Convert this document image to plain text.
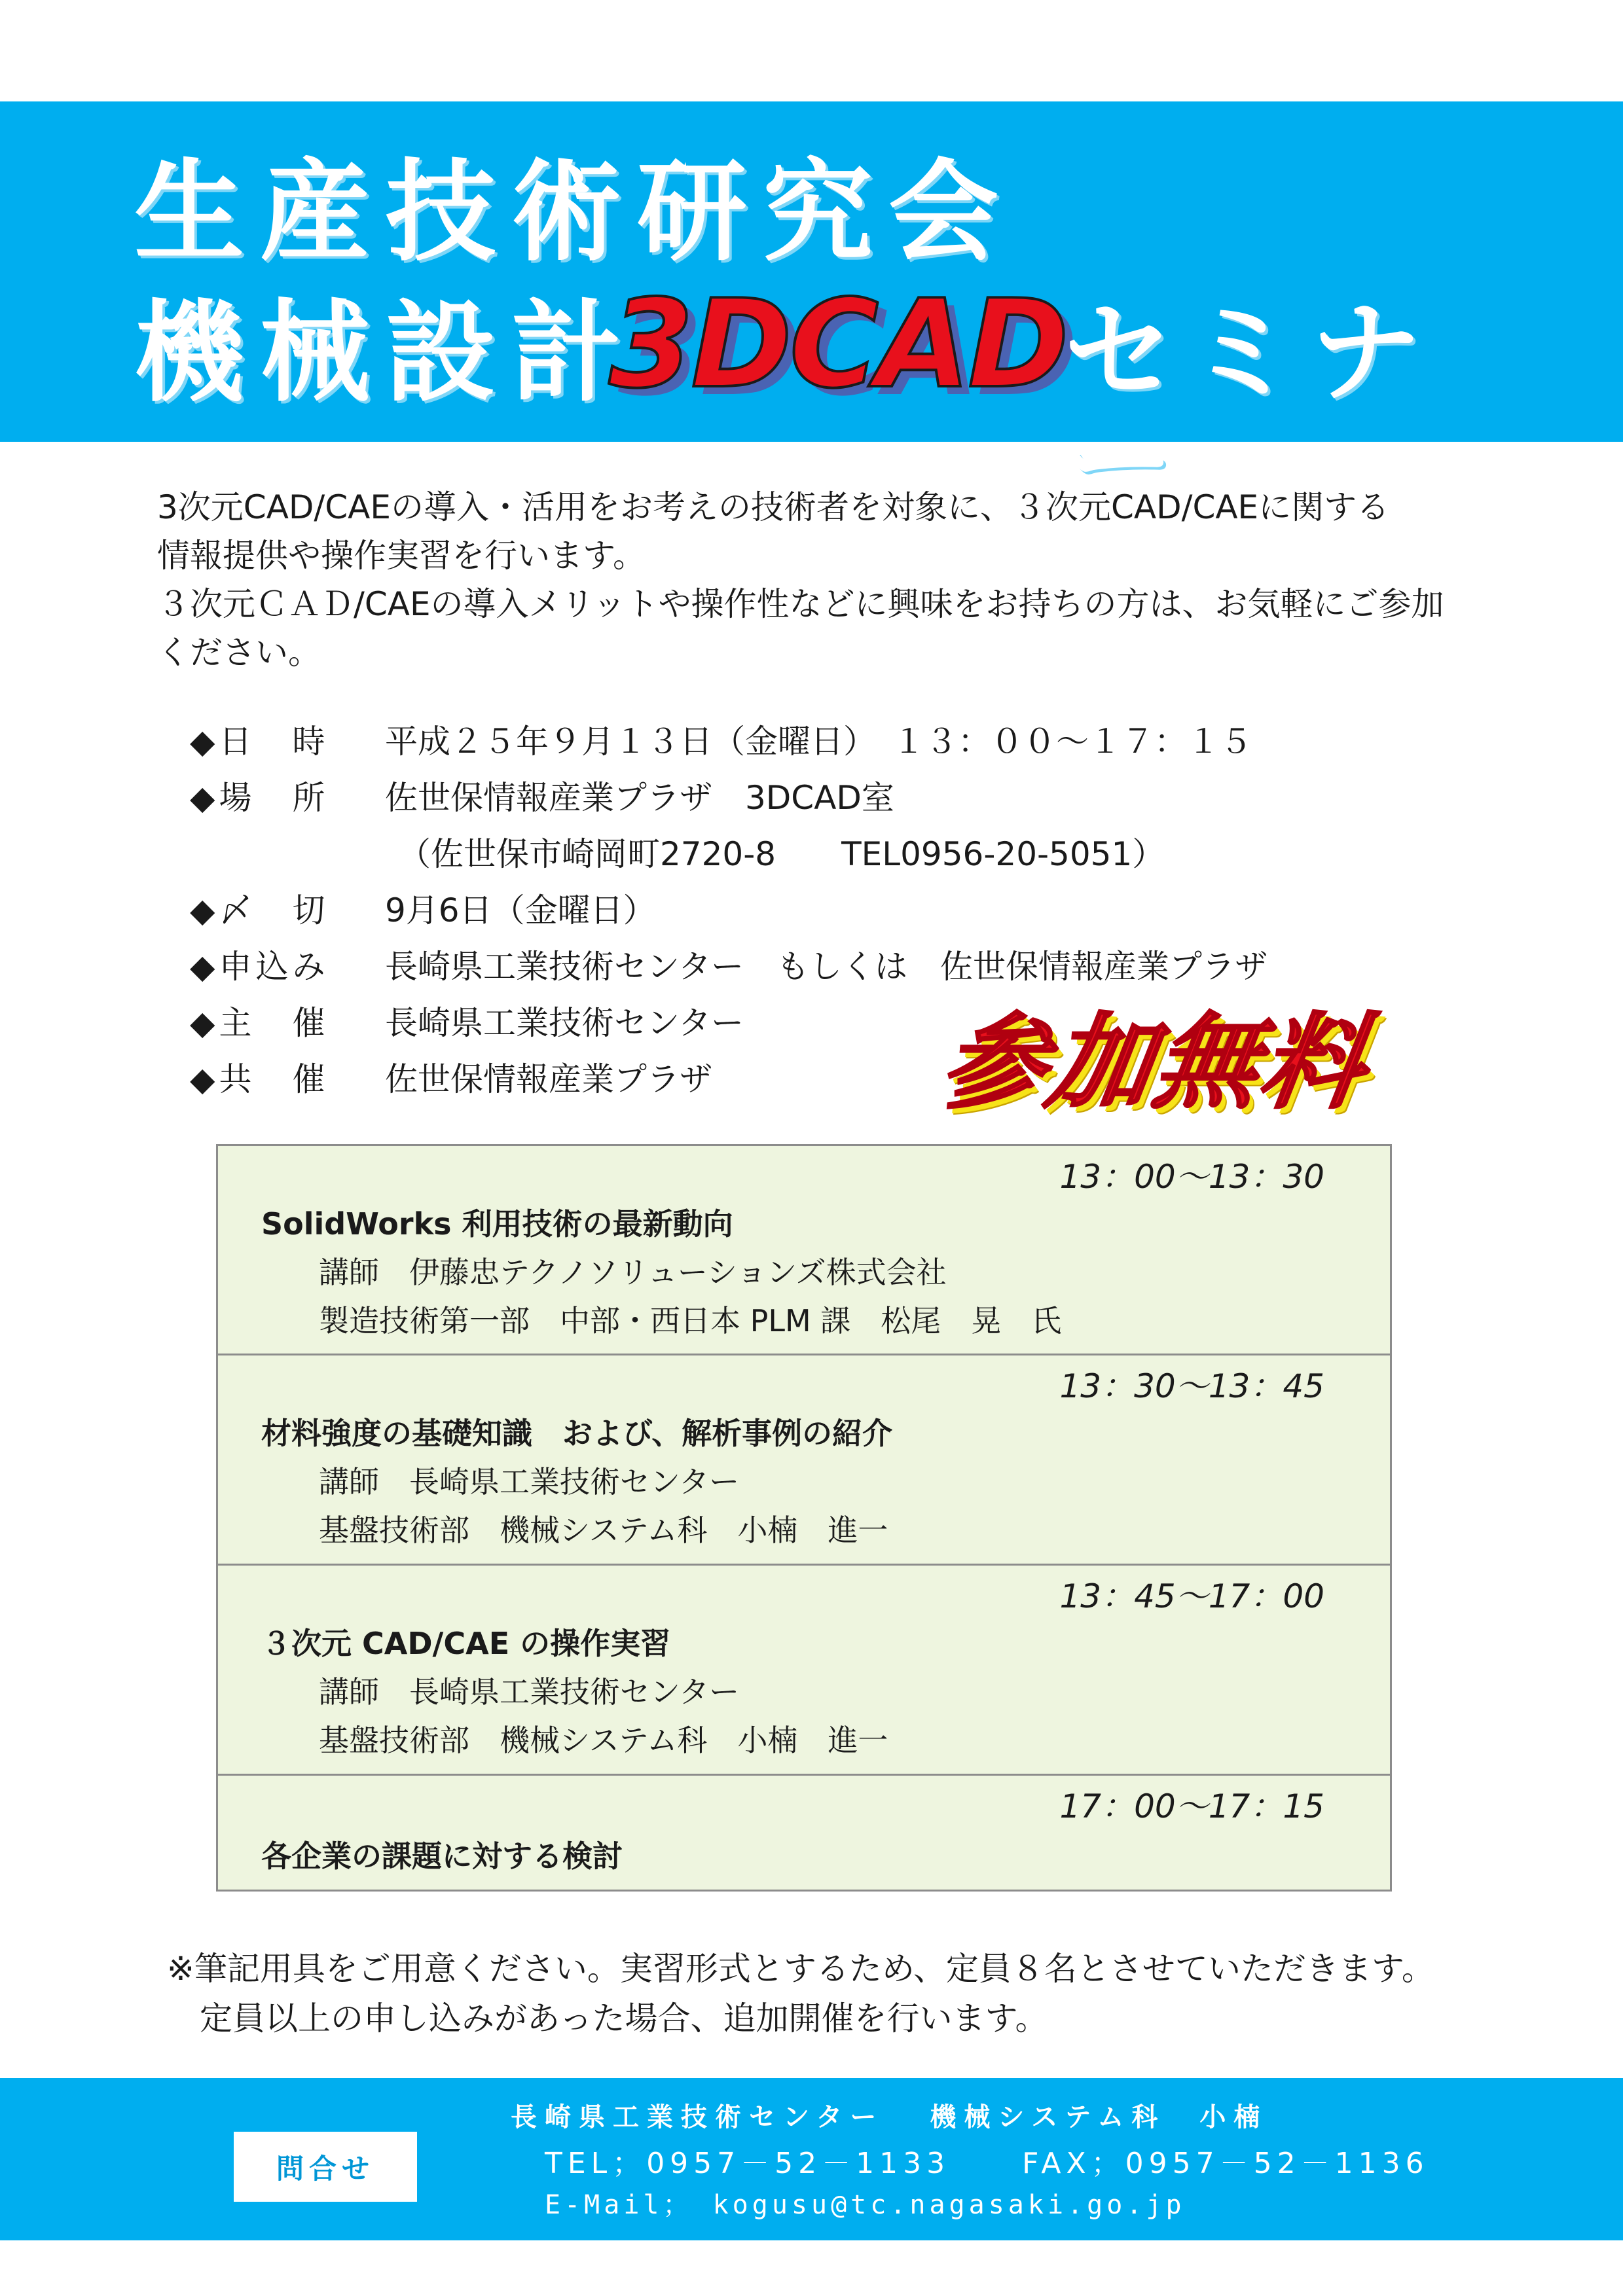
生産技術研究会
機械設計
3DCAD
セミナー

3次元CAD/CAEの導入・活用をお考えの技術者を対象に、３次元CAD/CAEに関する

情報提供や操作実習を行います。

３次元ＣＡＤ/CAEの導入メリットや操作性などに興味をお持ちの方は、お気軽にご参加

ください。

◆日　時	平成２５年９月１３日（金曜日）　１３：００～１７：１５
◆場　所	佐世保情報産業プラザ　3DCAD室
（佐世保市崎岡町2720-8　　TEL0956-20-5051）
◆〆　切	9月6日（金曜日）
◆申込み	長崎県工業技術センター　もしくは　佐世保情報産業プラザ
◆主　催	長崎県工業技術センター
◆共　催	佐世保情報産業プラザ 参加無料
13：00～13：30
SolidWorks 利用技術の最新動向
講師　伊藤忠テクノソリューションズ株式会社
製造技術第一部　中部・西日本 PLM 課　松尾　晃　氏
13：30～13：45
材料強度の基礎知識　および、解析事例の紹介
講師　長崎県工業技術センター
基盤技術部　機械システム科　小楠　進一
13：45～17：00
３次元 CAD/CAE の操作実習
講師　長崎県工業技術センター
基盤技術部　機械システム科　小楠　進一
17：00～17：15
各企業の課題に対する検討

※筆記用具をご用意ください。実習形式とするため、定員８名とさせていただきます。

定員以上の申し込みがあった場合、追加開催を行います。

問合せ
長崎県工業技術センター 機械システム科　小楠
TEL；0957－52－1133	FAX；0957－52－1136
E-Mail； kogusu@tc.nagasaki.go.jp
